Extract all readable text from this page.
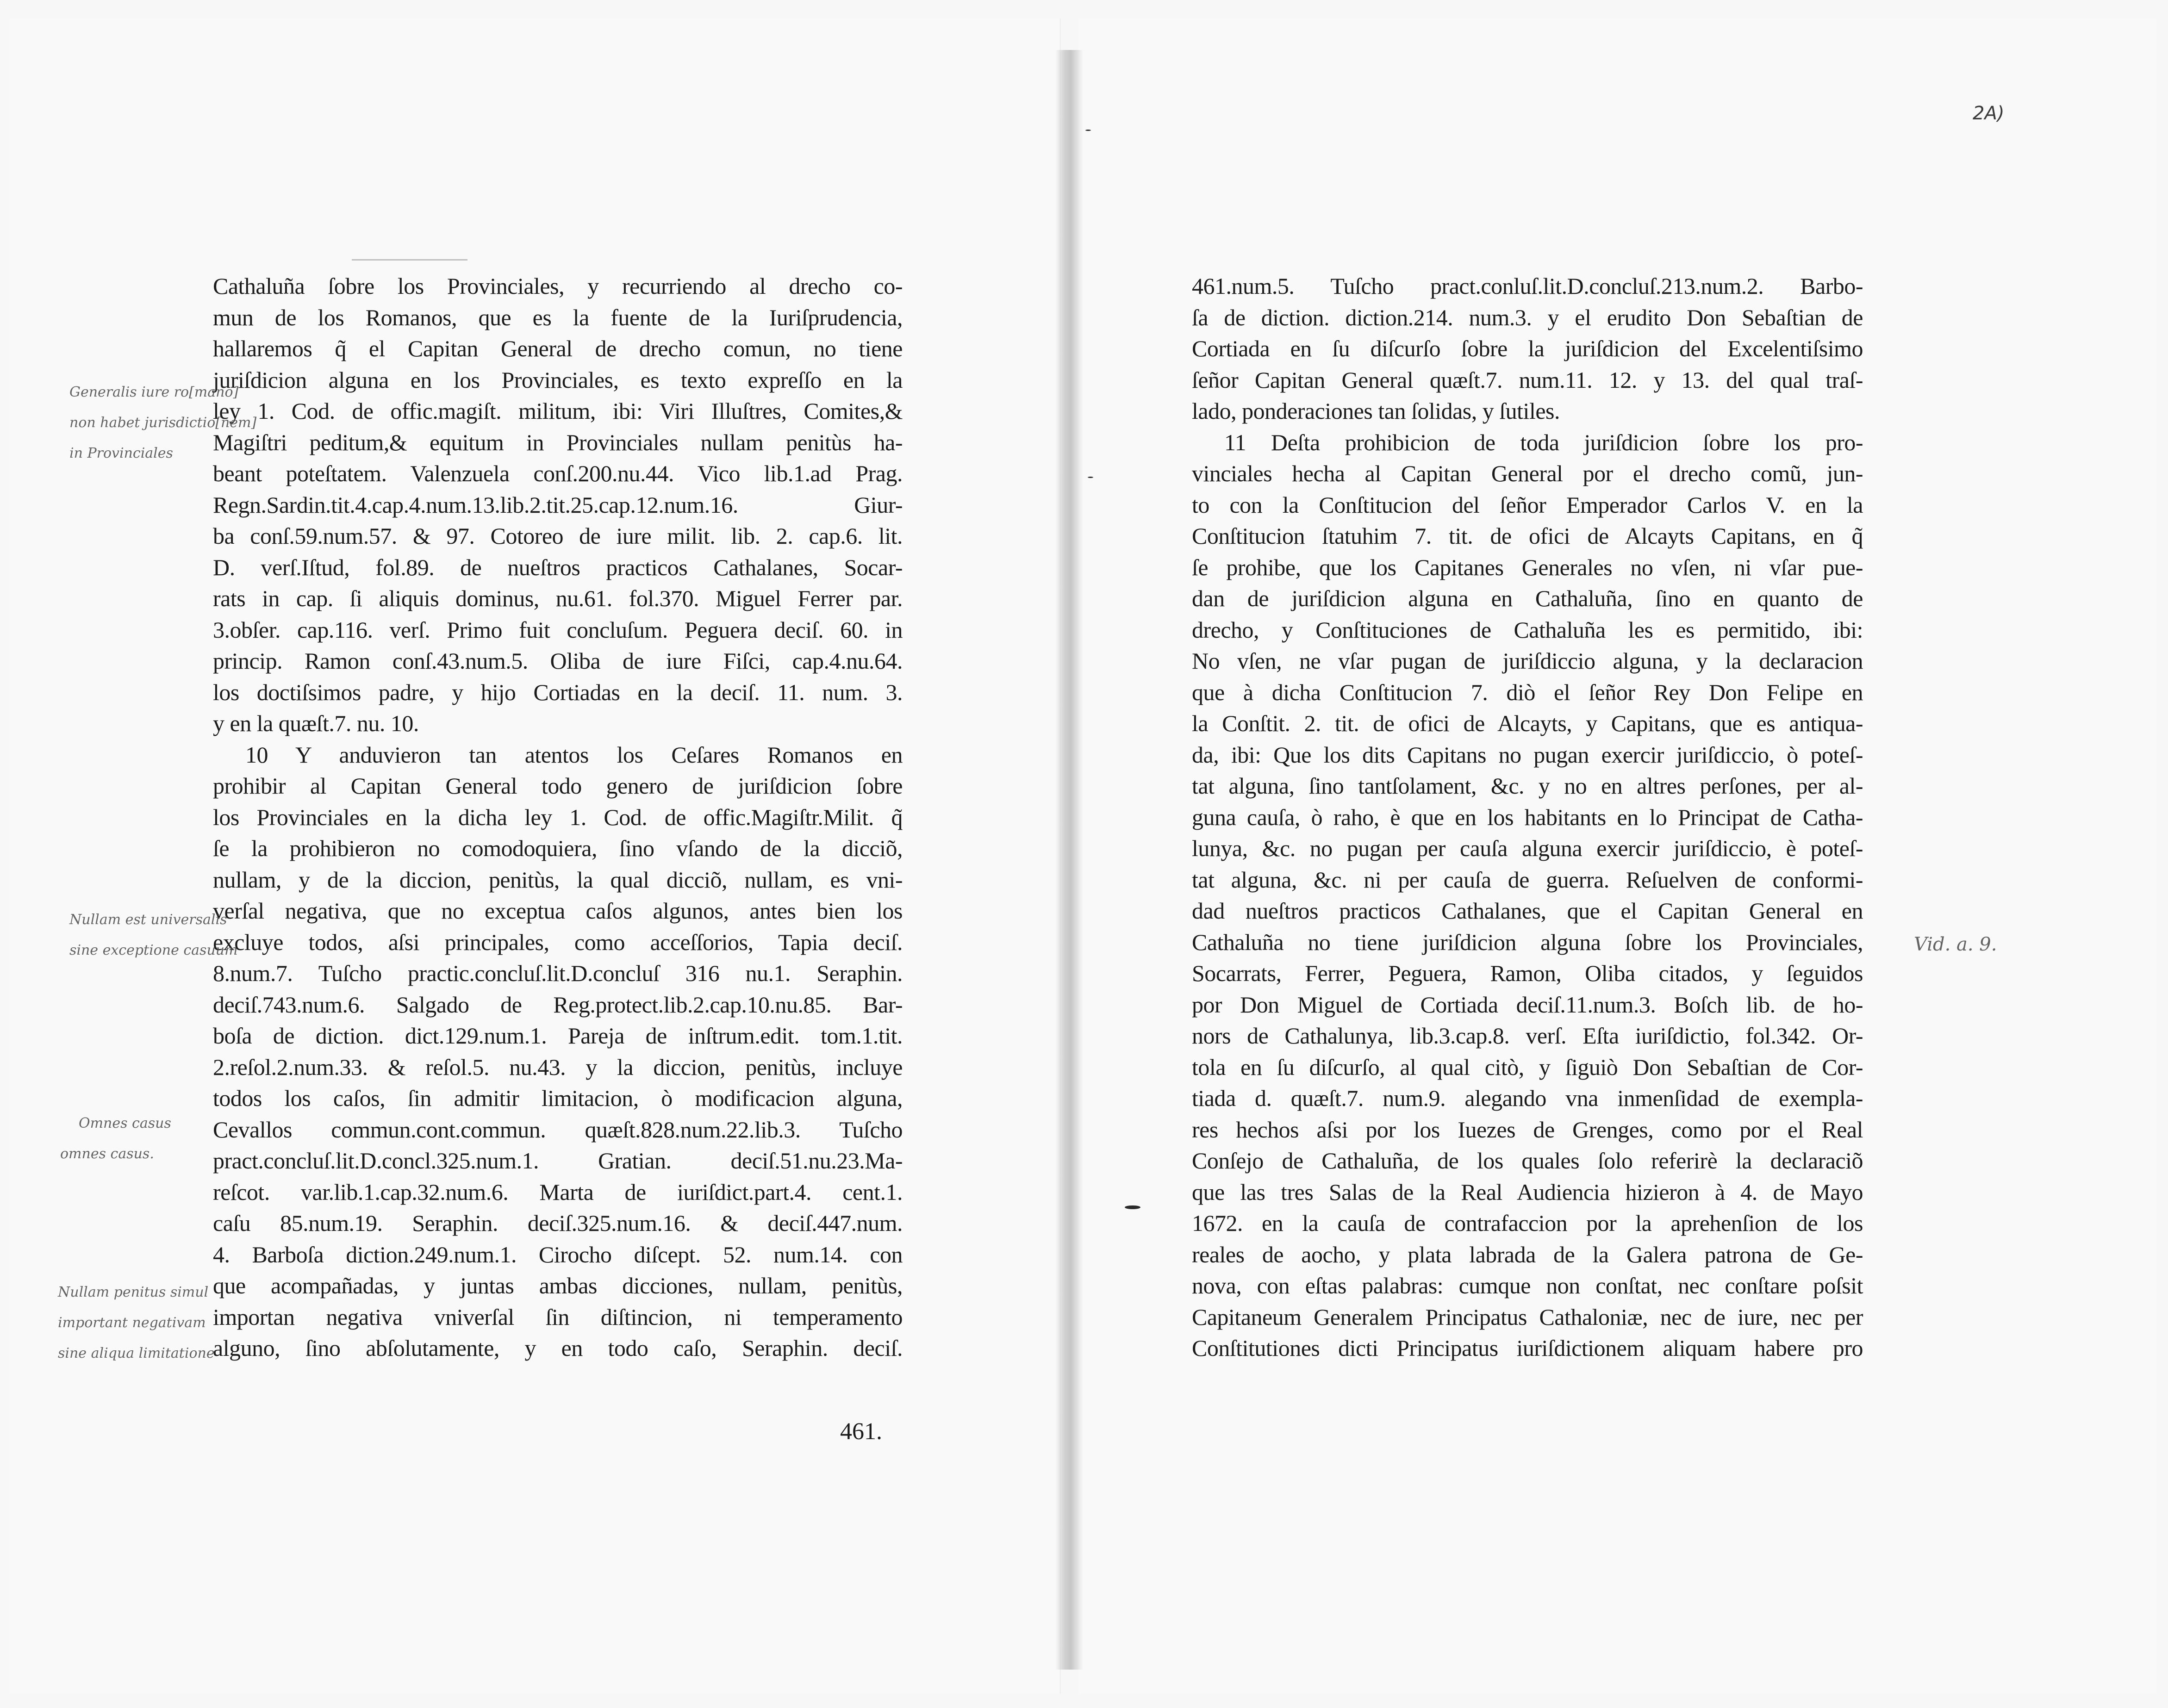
2A)
Cathaluña ſobre los Provinciales, y recurriendo al drecho co-
mun de los Romanos, que es la fuente de la Iuriſprudencia,
hallaremos q̃ el Capitan General de drecho comun, no tiene
juriſdicion alguna en los Provinciales, es texto expreſſo en la
ley 1. Cod. de offic.magiſt. militum, ibi: Viri Illuſtres, Comites,&
Magiſtri peditum,& equitum in Provinciales nullam penitùs ha-
beant poteſtatem. Valenzuela conſ.200.nu.44. Vico lib.1.ad Prag.
Regn.Sardin.tit.4.cap.4.num.13.lib.2.tit.25.cap.12.num.16. Giur-
ba conſ.59.num.57. & 97. Cotoreo de iure milit. lib. 2. cap.6. lit.
D. verſ.Iſtud, fol.89. de nueſtros practicos Cathalanes, Socar-
rats in cap. ſi aliquis dominus, nu.61. fol.370. Miguel Ferrer par.
3.obſer. cap.116. verſ. Primo fuit concluſum. Peguera deciſ. 60. in
princip. Ramon conſ.43.num.5. Oliba de iure Fiſci, cap.4.nu.64.
los doctiſsimos padre, y hijo Cortiadas en la deciſ. 11. num. 3.
y en la quæſt.7. nu. 10.
10 Y anduvieron tan atentos los Ceſares Romanos en
prohibir al Capitan General todo genero de juriſdicion ſobre
los Provinciales en la dicha ley 1. Cod. de offic.Magiſtr.Milit. q̃
ſe la prohibieron no comodoquiera, ſino vſando de la dicciõ,
nullam, y de la diccion, penitùs, la qual dicciõ, nullam, es vni-
verſal negativa, que no exceptua caſos algunos, antes bien los
excluye todos, aſsi principales, como acceſſorios, Tapia deciſ.
8.num.7. Tuſcho practic.concluſ.lit.D.concluſ 316 nu.1. Seraphin.
deciſ.743.num.6. Salgado de Reg.protect.lib.2.cap.10.nu.85. Bar-
boſa de diction. dict.129.num.1. Pareja de inſtrum.edit. tom.1.tit.
2.reſol.2.num.33. & reſol.5. nu.43. y la diccion, penitùs, incluye
todos los caſos, ſin admitir limitacion, ò modificacion alguna,
Cevallos commun.cont.commun. quæſt.828.num.22.lib.3. Tuſcho
pract.concluſ.lit.D.concl.325.num.1. Gratian. deciſ.51.nu.23.Ma-
reſcot. var.lib.1.cap.32.num.6. Marta de iuriſdict.part.4. cent.1.
caſu 85.num.19. Seraphin. deciſ.325.num.16. & deciſ.447.num.
4. Barboſa diction.249.num.1. Cirocho diſcept. 52. num.14. con
que acompañadas, y juntas ambas dicciones, nullam, penitùs,
importan negativa vniverſal ſin diſtincion, ni temperamento
alguno, ſino abſolutamente, y en todo caſo, Seraphin. deciſ.
461.
Generalis iure ro[mano]
non habet jurisdictio[nem]
in Provinciales
Nullam est universalis
sine exceptione casuum
Omnes casus
omnes casus.
Nullam penitus simul
important negativam
sine aliqua limitatione
461.num.5. Tuſcho pract.conluſ.lit.D.concluſ.213.num.2. Barbo-
ſa de diction. diction.214. num.3. y el erudito Don Sebaſtian de
Cortiada en ſu diſcurſo ſobre la juriſdicion del Excelentiſsimo
ſeñor Capitan General quæſt.7. num.11. 12. y 13. del qual traſ-
lado, ponderaciones tan ſolidas, y ſutiles.
11 Deſta prohibicion de toda juriſdicion ſobre los pro-
vinciales hecha al Capitan General por el drecho comũ, jun-
to con la Conſtitucion del ſeñor Emperador Carlos V. en la
Conſtitucion ſtatuhim 7. tit. de ofici de Alcayts Capitans, en q̃
ſe prohibe, que los Capitanes Generales no vſen, ni vſar pue-
dan de juriſdicion alguna en Cathaluña, ſino en quanto de
drecho, y Conſtituciones de Cathaluña les es permitido, ibi:
No vſen, ne vſar pugan de juriſdiccio alguna, y la declaracion
que à dicha Conſtitucion 7. diò el ſeñor Rey Don Felipe en
la Conſtit. 2. tit. de ofici de Alcayts, y Capitans, que es antiqua-
da, ibi: Que los dits Capitans no pugan exercir juriſdiccio, ò poteſ-
tat alguna, ſino tantſolament, &c. y no en altres perſones, per al-
guna cauſa, ò raho, è que en los habitants en lo Principat de Catha-
lunya, &c. no pugan per cauſa alguna exercir juriſdiccio, è poteſ-
tat alguna, &c. ni per cauſa de guerra. Reſuelven de conformi-
dad nueſtros practicos Cathalanes, que el Capitan General en
Cathaluña no tiene juriſdicion alguna ſobre los Provinciales,
Socarrats, Ferrer, Peguera, Ramon, Oliba citados, y ſeguidos
por Don Miguel de Cortiada deciſ.11.num.3. Boſch lib. de ho-
nors de Cathalunya, lib.3.cap.8. verſ. Eſta iuriſdictio, fol.342. Or-
tola en ſu diſcurſo, al qual citò, y ſiguiò Don Sebaſtian de Cor-
tiada d. quæſt.7. num.9. alegando vna inmenſidad de exempla-
res hechos aſsi por los Iuezes de Grenges, como por el Real
Conſejo de Cathaluña, de los quales ſolo referirè la declaraciõ
que las tres Salas de la Real Audiencia hizieron à 4. de Mayo
1672. en la cauſa de contrafaccion por la aprehenſion de los
reales de aocho, y plata labrada de la Galera patrona de Ge-
nova, con eſtas palabras: cumque non conſtat, nec conſtare poſsit
Capitaneum Generalem Principatus Cathaloniæ, nec de iure, nec per
Conſtitutiones dicti Principatus iuriſdictionem aliquam habere pro
Vid. a. 9.
